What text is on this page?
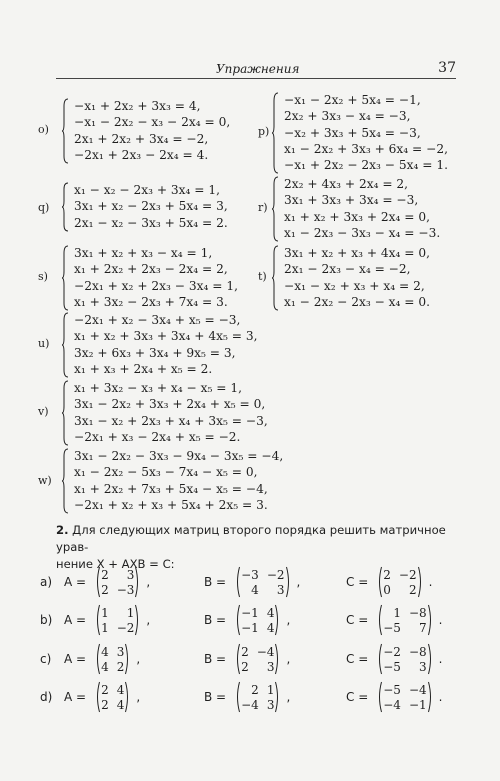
Упражнения	37
o)
−x₁ + 2x₂ + 3x₃ = 4,
−x₁ − 2x₂ − x₃ − 2x₄ = 0,
2x₁ + 2x₂ + 3x₄ = −2,
−2x₁ + 2x₃ − 2x₄ = 4.
p)
−x₁ − 2x₂ + 5x₄ = −1,
2x₂ + 3x₃ − x₄ = −3,
−x₂ + 3x₃ + 5x₄ = −3,
x₁ − 2x₂ + 3x₃ + 6x₄ = −2,
−x₁ + 2x₂ − 2x₃ − 5x₄ = 1.
q)
x₁ − x₂ − 2x₃ + 3x₄ = 1,
3x₁ + x₂ − 2x₃ + 5x₄ = 3,
2x₁ − x₂ − 3x₃ + 5x₄ = 2.
r)
2x₂ + 4x₃ + 2x₄ = 2,
3x₁ + 3x₃ + 3x₄ = −3,
x₁ + x₂ + 3x₃ + 2x₄ = 0,
x₁ − 2x₃ − 3x₃ − x₄ = −3.
s)
3x₁ + x₂ + x₃ − x₄ = 1,
x₁ + 2x₂ + 2x₃ − 2x₄ = 2,
−2x₁ + x₂ + 2x₃ − 3x₄ = 1,
x₁ + 3x₂ − 2x₃ + 7x₄ = 3.
t)
3x₁ + x₂ + x₃ + 4x₄ = 0,
2x₁ − 2x₃ − x₄ = −2,
−x₁ − x₂ + x₃ + x₄ = 2,
x₁ − 2x₂ − 2x₃ − x₄ = 0.
u)
−2x₁ + x₂ − 3x₄ + x₅ = −3,
x₁ + x₂ + 3x₃ + 3x₄ + 4x₅ = 3,
3x₂ + 6x₃ + 3x₄ + 9x₅ = 3,
x₁ + x₃ + 2x₄ + x₅ = 2.
v)
x₁ + 3x₂ − x₃ + x₄ − x₅ = 1,
3x₁ − 2x₂ + 3x₃ + 2x₄ + x₅ = 0,
3x₁ − x₂ + 2x₃ + x₄ + 3x₅ = −3,
−2x₁ + x₃ − 2x₄ + x₅ = −2.
w)
3x₁ − 2x₂ − 3x₃ − 9x₄ − 3x₅ = −4,
x₁ − 2x₂ − 5x₃ − 7x₄ − x₅ = 0,
x₁ + 2x₂ + 7x₃ + 5x₄ − x₅ = −4,
−2x₁ + x₂ + x₃ + 5x₄ + 2x₅ = 3.
2. Для следующих матриц второго порядка решить матричное урав-
нение X + AXB = C:
a) A =
2	3
2 −3
,	B =
−3 −2
4	3
,	C =
2 −2
0	2
.
b) A =
1	1
1 −2
,	B =
−1 4
−1 4
,	C =
1 −8
−5	7
.
c) A =
4 3
4 2
,	B =
2 −4
2	3
,	C =
−2 −8
−5	3
.
d) A =
2 4
2 4
,	B =
2 1
−4 3
,	C =
−5 −4
−4 −1
.
